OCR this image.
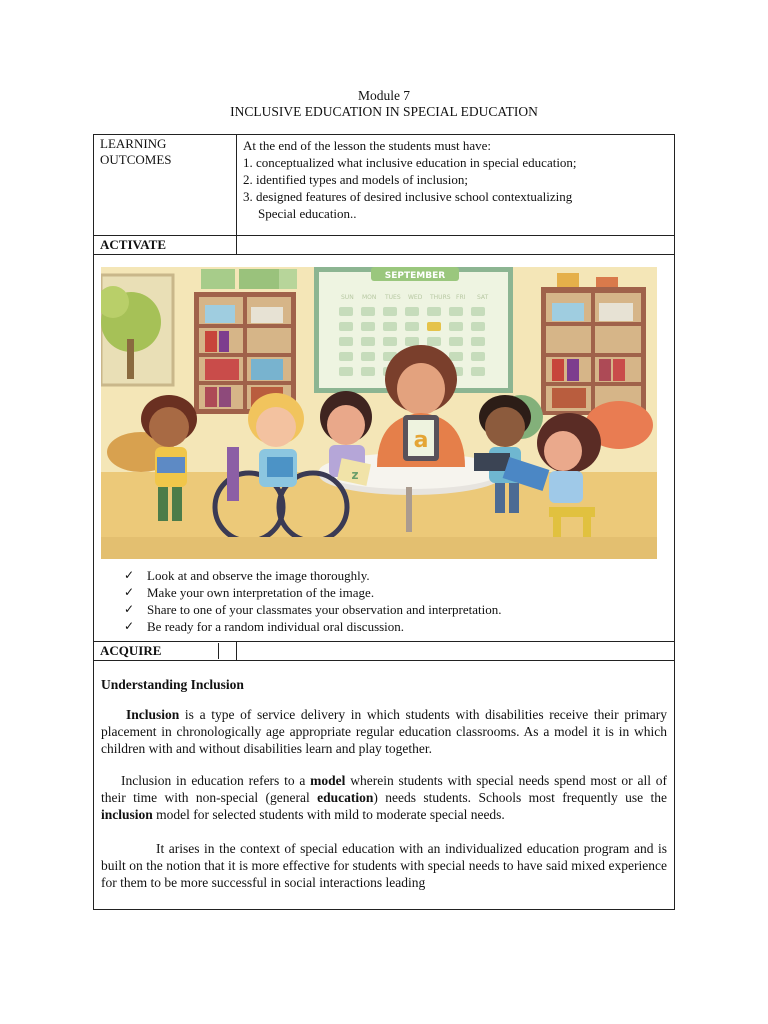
Module 7
INCLUSIVE EDUCATION IN SPECIAL EDUCATION
LEARNING
OUTCOMES

At the end of the lesson the students must have:
1. conceptualized what inclusive education in special education;
2. identified types and models of inclusion;
3. designed features of desired inclusive school contextualizing
Special education..

ACTIVATE	

SEPTEMBER
SUN MON TUES WED THURS FRI SAT
a
z
✓ Look at and observe the image thoroughly.
✓ Make your own interpretation of the image.
✓ Share to one of your classmates your observation and interpretation.
✓ Be ready for a random individual oral discussion.

ACQUIRE	

Understanding Inclusion

Inclusion is a type of service delivery in which students with disabilities receive their primary placement in chronologically age appropriate regular education classrooms. As a model it is in which children with and without disabilities learn and play together.

Inclusion in education refers to a model wherein students with special needs spend most or all of their time with non-special (general education) needs students. Schools most frequently use the inclusion model for selected students with mild to moderate special needs.

It arises in the context of special education with an individualized education program and is built on the notion that it is more effective for students with special needs to have said mixed experience for them to be more successful in social interactions leading
